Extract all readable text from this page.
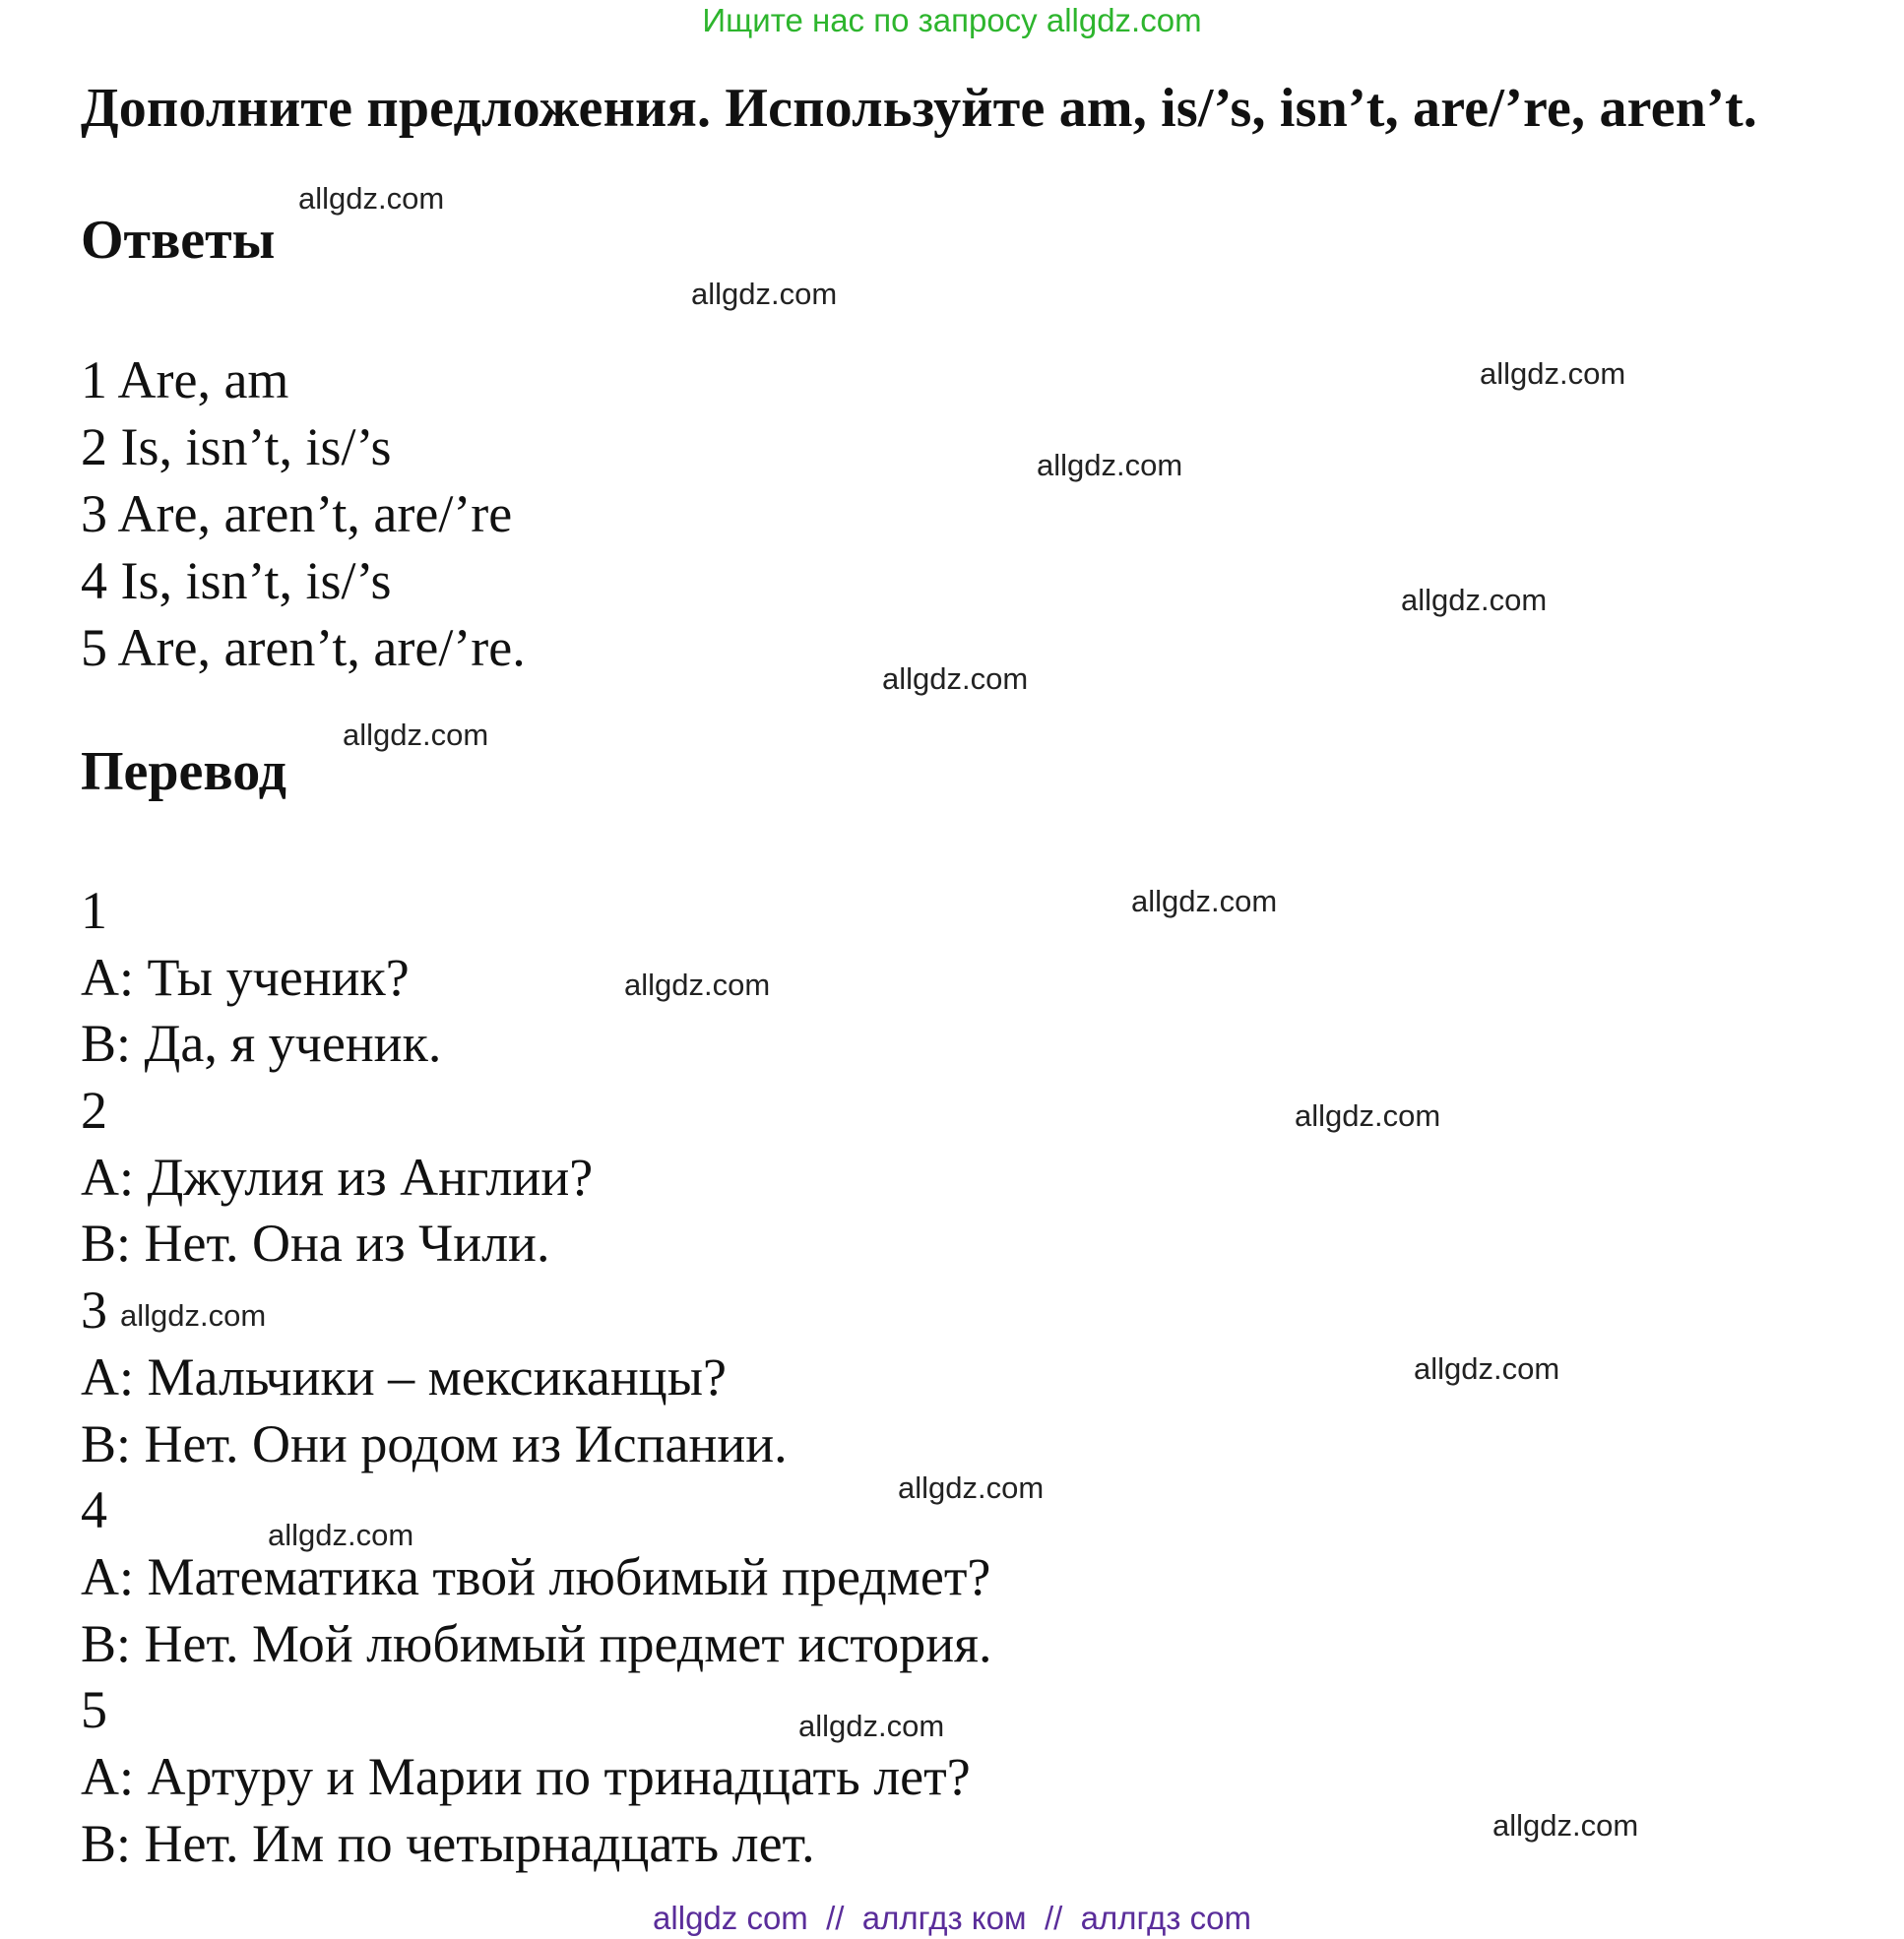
Ищите нас по запросу allgdz.com
Дополните предложения. Используйте am, is/’s, isn’t, are/’re, aren’t.
Ответы
1 Are, am
2 Is, isn’t, is/’s
3 Are, aren’t, are/’re
4 Is, isn’t, is/’s
5 Are, aren’t, are/’re.
Перевод
1
A: Ты ученик?
B: Да, я ученик.
2
A: Джулия из Англии?
B: Нет. Она из Чили.
3
A: Мальчики – мексиканцы?
B: Нет. Они родом из Испании.
4
A: Математика твой любимый предмет?
B: Нет. Мой любимый предмет история.
5
A: Артуру и Марии по тринадцать лет?
B: Нет. Им по четырнадцать лет.
allgdz.com
allgdz.com
allgdz.com
allgdz.com
allgdz.com
allgdz.com
allgdz.com
allgdz.com
allgdz.com
allgdz.com
allgdz.com
allgdz.com
allgdz.com
allgdz.com
allgdz.com
allgdz.com
allgdz com  //  аллгдз ком  //  аллгдз com
